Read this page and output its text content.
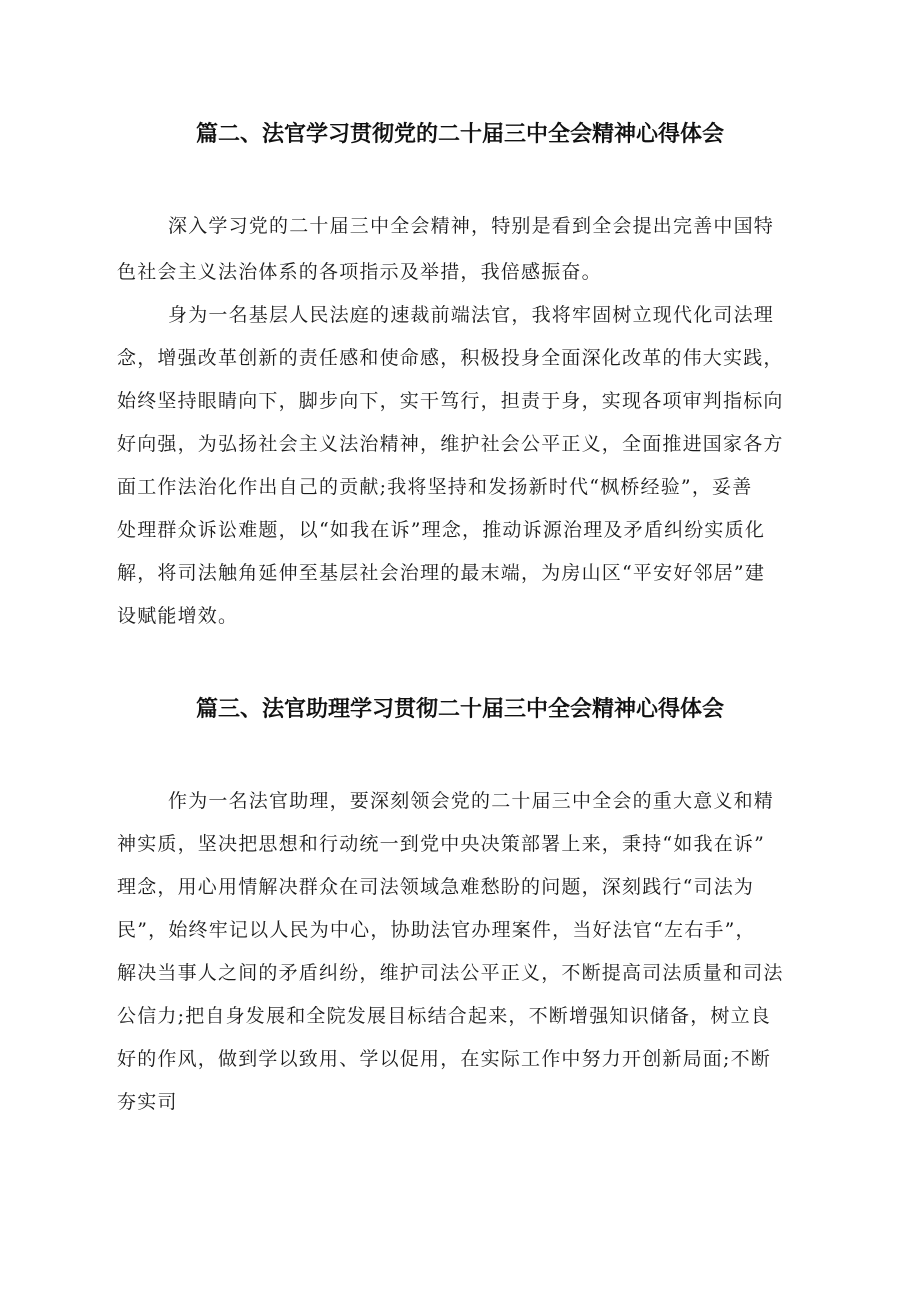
篇二、法官学习贯彻党的二十届三中全会精神心得体会
深入学习党的二十届三中全会精神，特别是看到全会提出完善中国特
色社会主义法治体系的各项指示及举措，我倍感振奋。
身为一名基层人民法庭的速裁前端法官，我将牢固树立现代化司法理
念，增强改革创新的责任感和使命感，积极投身全面深化改革的伟大实践，
始终坚持眼睛向下，脚步向下，实干笃行，担责于身，实现各项审判指标向
好向强，为弘扬社会主义法治精神，维护社会公平正义，全面推进国家各方
面工作法治化作出自己的贡献;我将坚持和发扬新时代“枫桥经验”，妥善
处理群众诉讼难题，以“如我在诉”理念，推动诉源治理及矛盾纠纷实质化
解，将司法触角延伸至基层社会治理的最末端，为房山区“平安好邻居”建
设赋能增效。
篇三、法官助理学习贯彻二十届三中全会精神心得体会
作为一名法官助理，要深刻领会党的二十届三中全会的重大意义和精
神实质，坚决把思想和行动统一到党中央决策部署上来，秉持“如我在诉”
理念，用心用情解决群众在司法领域急难愁盼的问题，深刻践行“司法为
民”，始终牢记以人民为中心，协助法官办理案件，当好法官“左右手”，
解决当事人之间的矛盾纠纷，维护司法公平正义，不断提高司法质量和司法
公信力;把自身发展和全院发展目标结合起来，不断增强知识储备，树立良
好的作风，做到学以致用、学以促用，在实际工作中努力开创新局面;不断
夯实司
